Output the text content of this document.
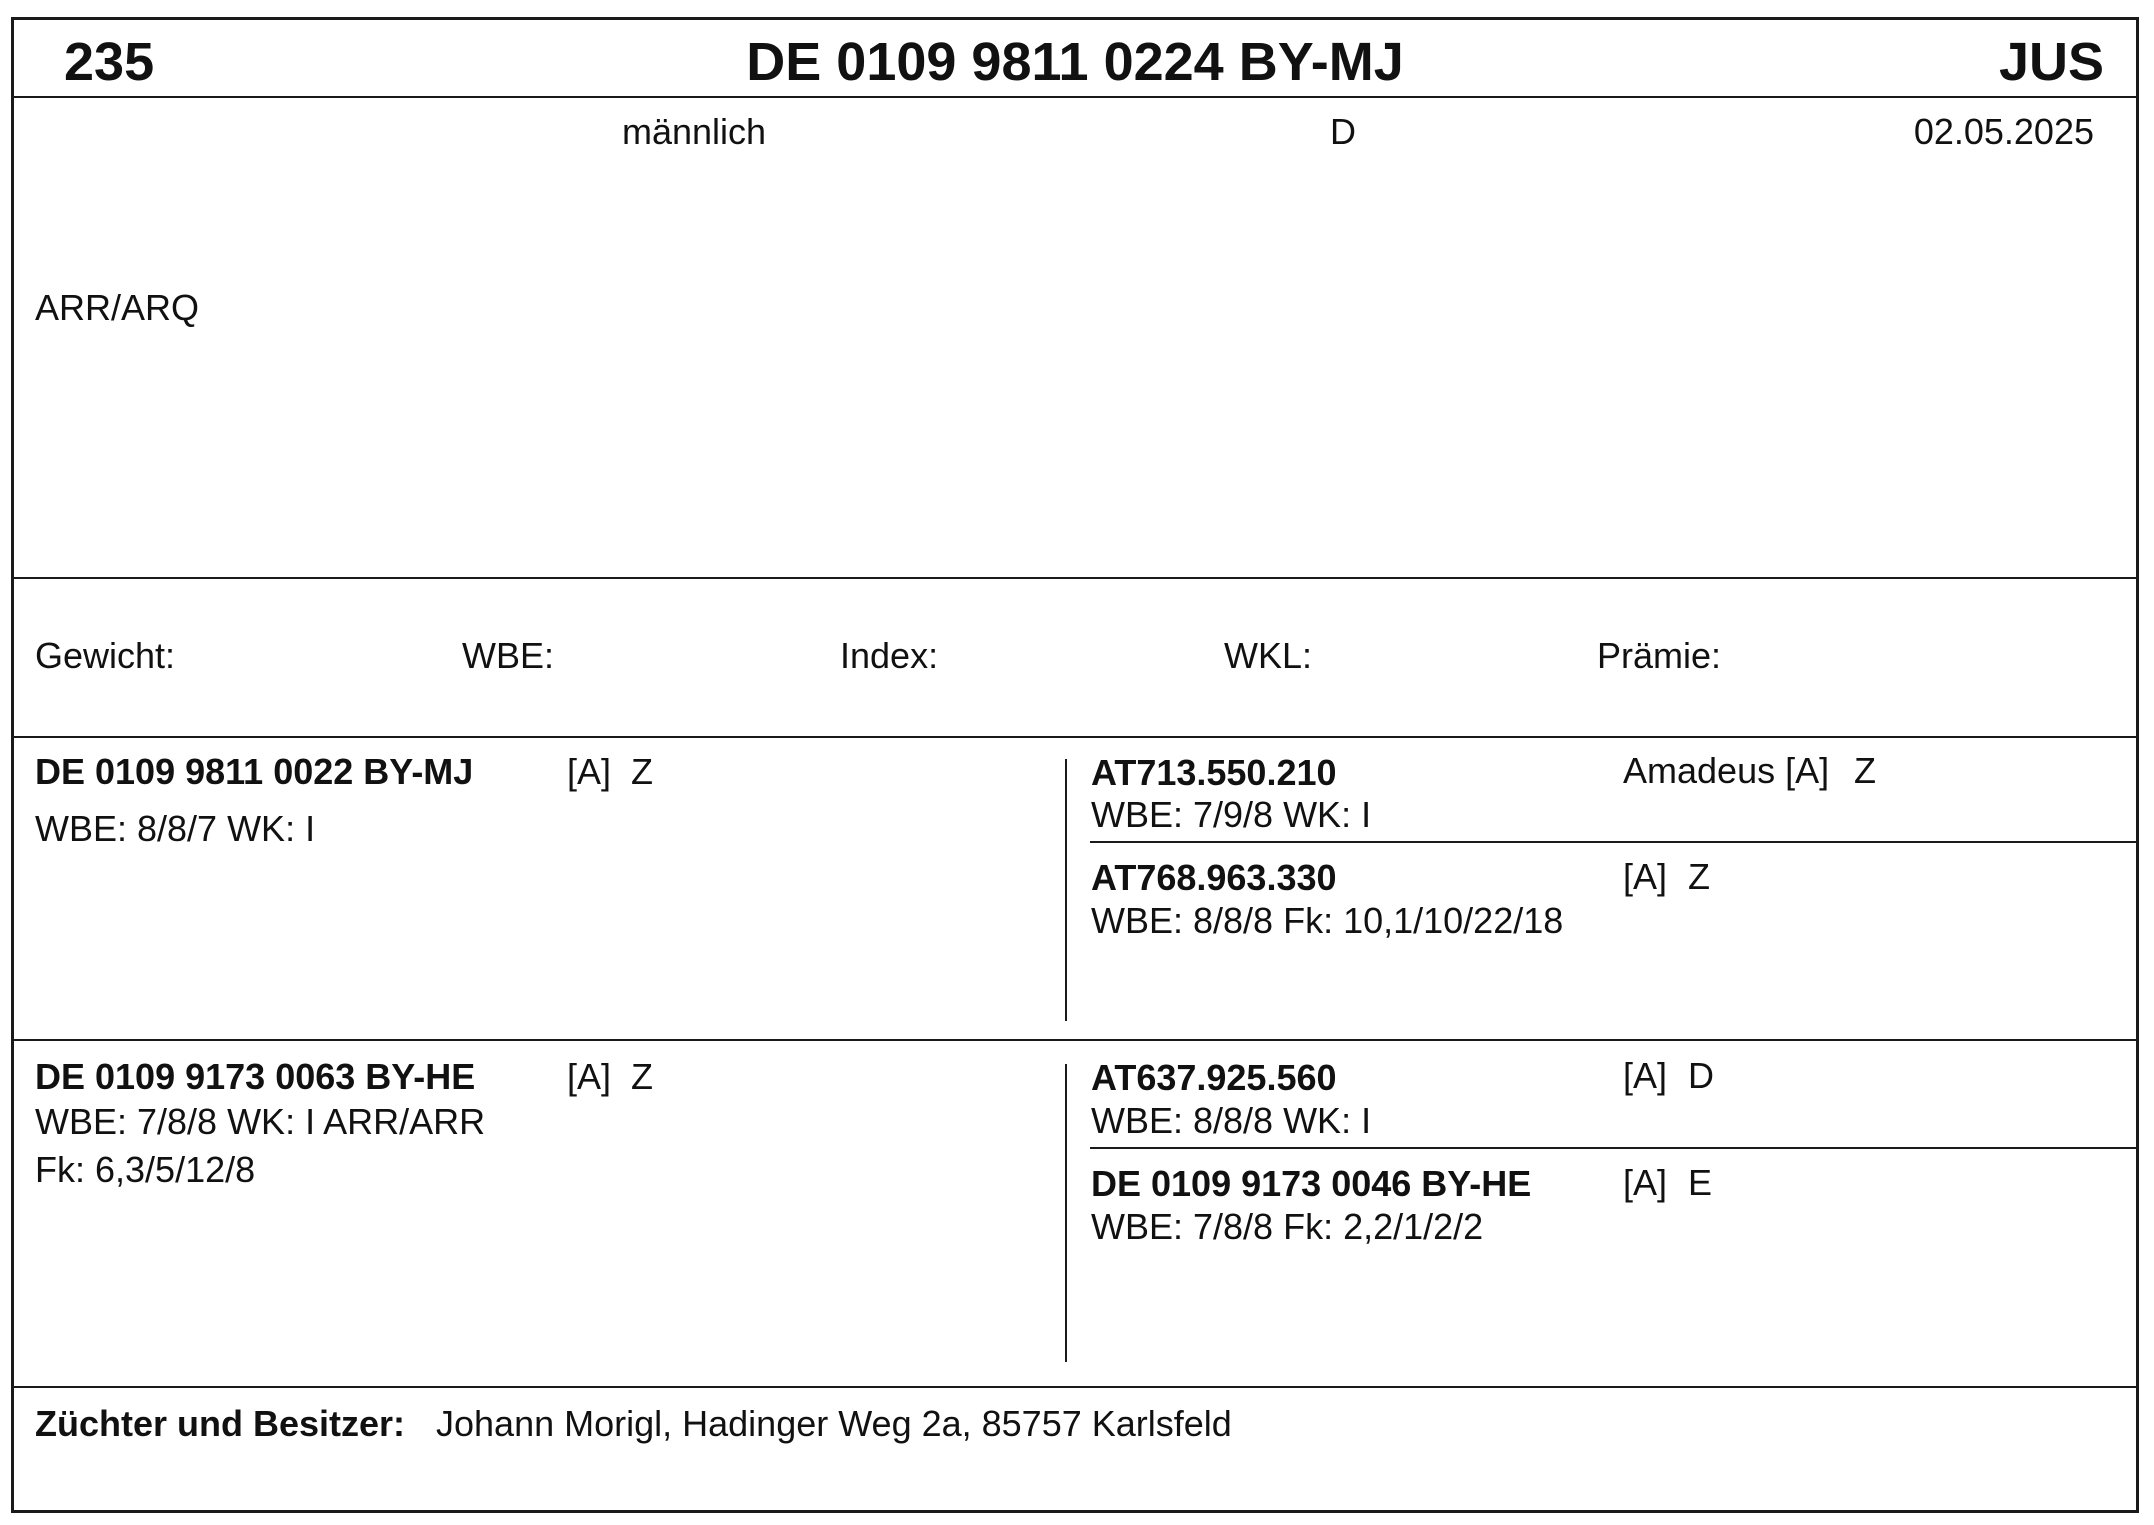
235	DE 0109 9811 0224 BY-MJ	JUS
männlich	D	02.05.2025
ARR/ARQ
Gewicht:	WBE:	Index:	WKL:	Prämie:
DE 0109 9811 0022 BY-MJ	[A] Z
WBE: 8/8/7 WK: I
AT713.550.210	Amadeus [A] Z
WBE: 7/9/8 WK: I
AT768.963.330	[A] Z
WBE: 8/8/8 Fk: 10,1/10/22/18
DE 0109 9173 0063 BY-HE	[A] Z
WBE: 7/8/8 WK: I ARR/ARR
Fk: 6,3/5/12/8
AT637.925.560	[A] D
WBE: 8/8/8 WK: I
DE 0109 9173 0046 BY-HE	[A] E
WBE: 7/8/8 Fk: 2,2/1/2/2
Züchter und Besitzer: Johann Morigl, Hadinger Weg 2a, 85757 Karlsfeld
